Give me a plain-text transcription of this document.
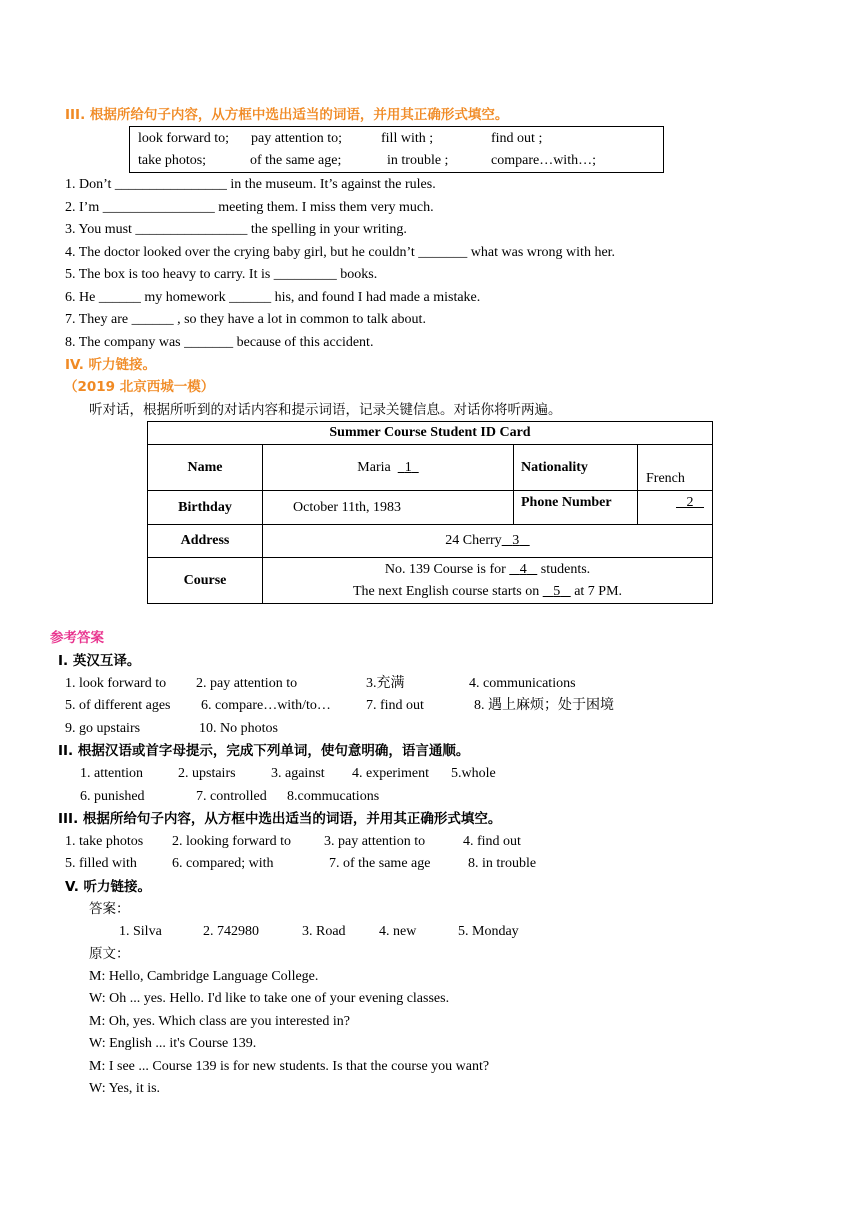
III. 根据所给句子内容，从方框中选出适当的词语，并用其正确形式填空。
look forward to; pay attention to;	fill with ;	find out ;
take photos;	of the same age;	in trouble ;	compare…with…;
1. Don’t ________________ in the museum. It’s against the rules.
2. I’m ________________ meeting them. I miss them very much.
3. You must ________________ the spelling in your writing.
4. The doctor looked over the crying baby girl, but he couldn’t _______ what was wrong with her.
5. The box is too heavy to carry. It is _________ books.
6. He ______ my homework ______ his, and found I had made a mistake.
7. They are ______ , so they have a lot in common to talk about.
8. The company was _______ because of this accident.
IV. 听力链接。
（2019 北京西城一模）
听对话，根据所听到的对话内容和提示词语，记录关键信息。对话你将听两遍。
Summer Course Student ID Card			
Name	Maria 1	Nationality	French
Birthday	October 11th, 1983	Phone Number	2
Address	24 Cherry 3		
Course	No. 139 Course is for    4    students.
The next English course starts on    5    at 7 PM.		
参考答案
I. 英汉互译。
1. look forward to 2. pay attention to	3.充满	4. communications
5. of different ages 6. compare…with/to…	7. find out	8. 遇上麻烦；处于困境
9. go upstairs	10. No photos
II. 根据汉语或首字母提示，完成下列单词，使句意明确，语言通顺。
1. attention	2. upstairs	3. against 4. experiment 5.whole
6. punished	7. controlled 8.commucations
III. 根据所给句子内容，从方框中选出适当的词语，并用其正确形式填空。
1. take photos 2. looking forward to 3. pay attention to	4. find out
5. filled with	6. compared; with	7. of the same age	8. in trouble
V. 听力链接。
答案：
1. Silva	2. 742980	3. Road 4. new	5. Monday
原文：
M: Hello, Cambridge Language College.
W: Oh ... yes. Hello. I'd like to take one of your evening classes.
M: Oh, yes. Which class are you interested in?
W: English ... it's Course 139.
M: I see ... Course 139 is for new students. Is that the course you want?
W: Yes, it is.
